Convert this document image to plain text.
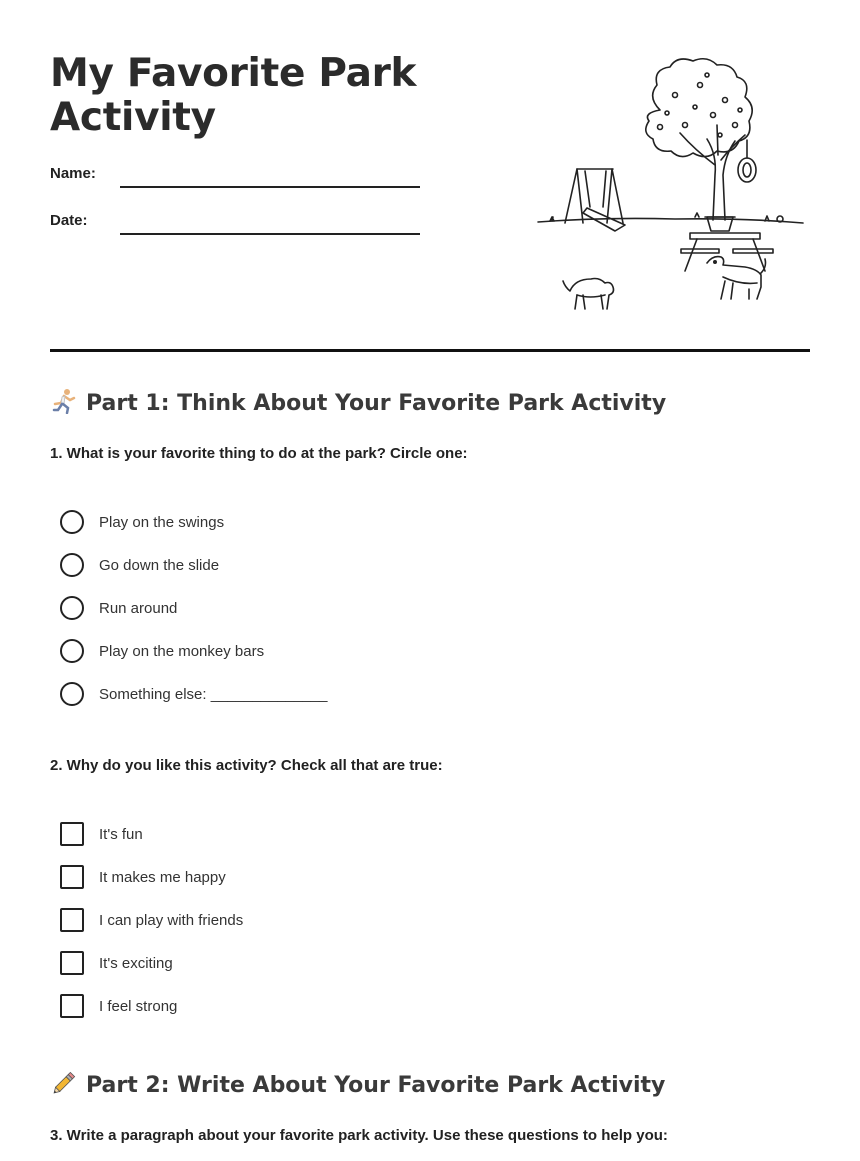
My Favorite Park
Activity
Name:
Date:
Part 1: Think About Your Favorite Park Activity

1. What is your favorite thing to do at the park? Circle one:

Play on the swings
Go down the slide
Run around
Play on the monkey bars
Something else: ______________

2. Why do you like this activity? Check all that are true:

It's fun
It makes me happy
I can play with friends
It's exciting
I feel strong
Part 2: Write About Your Favorite Park Activity

3. Write a paragraph about your favorite park activity. Use these questions to help you:
